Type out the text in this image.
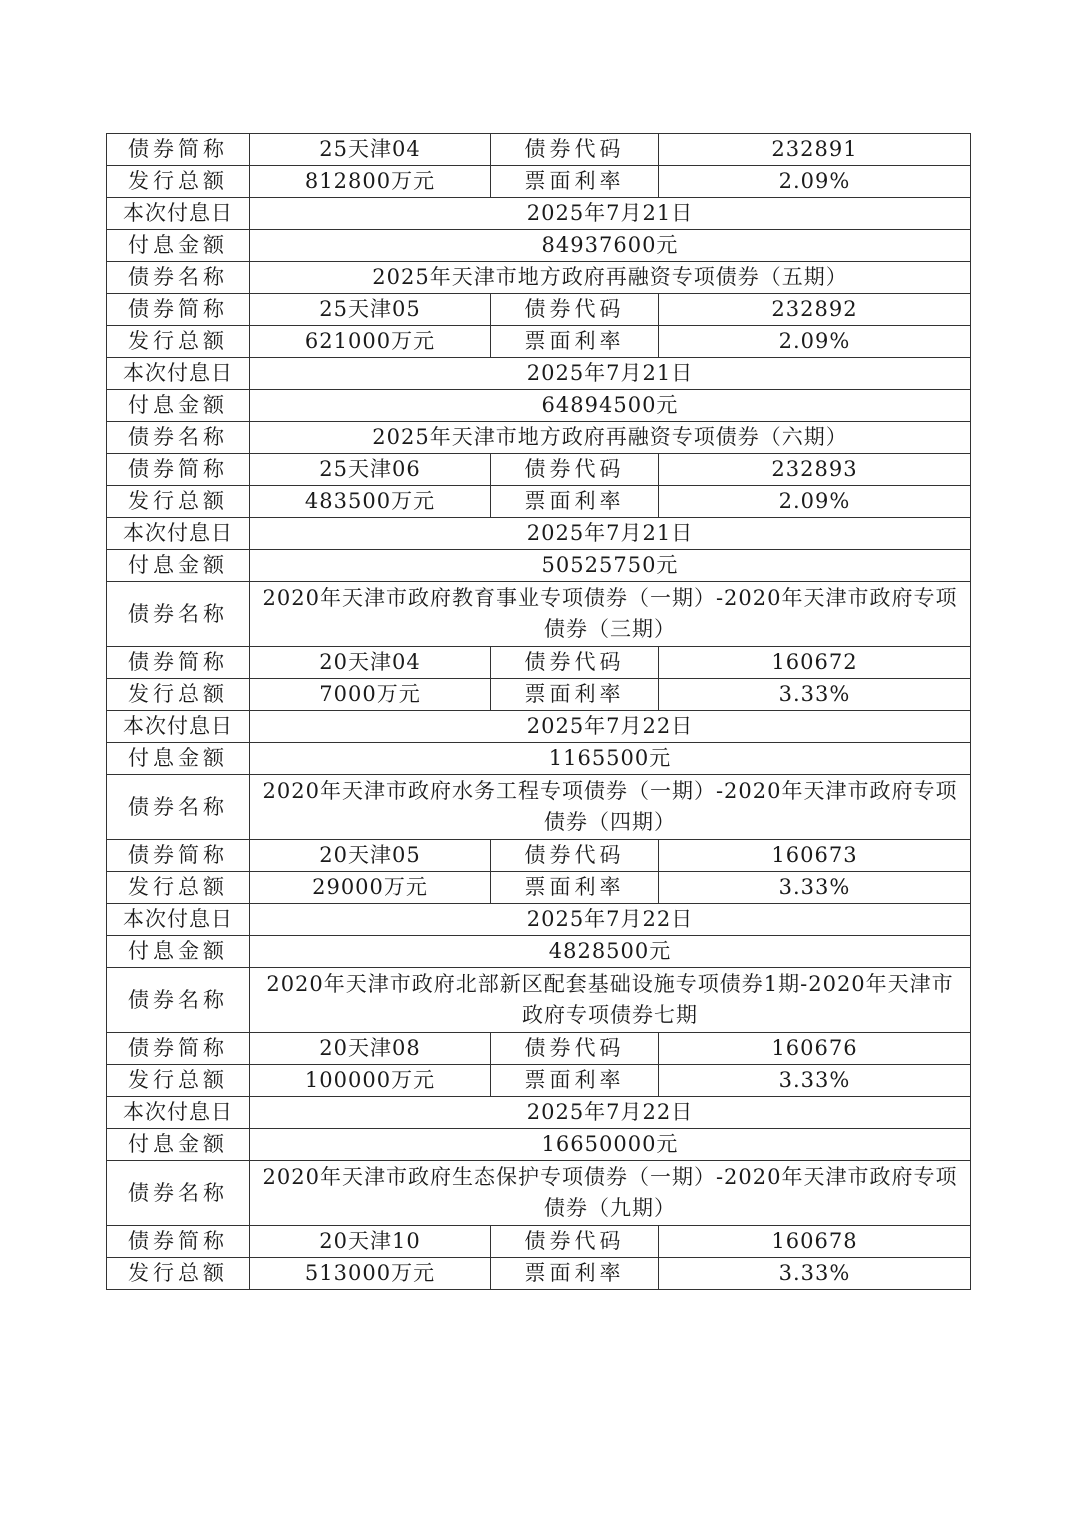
债券简称	25天津04	债券代码	232891
发行总额	812800万元	票面利率	2.09%
本次付息日	2025年7月21日		
付息金额	84937600元		
债券名称	2025年天津市地方政府再融资专项债券（五期）		
债券简称	25天津05	债券代码	232892
发行总额	621000万元	票面利率	2.09%
本次付息日	2025年7月21日		
付息金额	64894500元		
债券名称	2025年天津市地方政府再融资专项债券（六期）		
债券简称	25天津06	债券代码	232893
发行总额	483500万元	票面利率	2.09%
本次付息日	2025年7月21日		
付息金额	50525750元		
债券名称	2020年天津市政府教育事业专项债券（一期）-2020年天津市政府专项债券（三期）		
债券简称	20天津04	债券代码	160672
发行总额	7000万元	票面利率	3.33%
本次付息日	2025年7月22日		
付息金额	1165500元		
债券名称	2020年天津市政府水务工程专项债券（一期）-2020年天津市政府专项债券（四期）		
债券简称	20天津05	债券代码	160673
发行总额	29000万元	票面利率	3.33%
本次付息日	2025年7月22日		
付息金额	4828500元		
债券名称	2020年天津市政府北部新区配套基础设施专项债券1期-2020年天津市政府专项债券七期		
债券简称	20天津08	债券代码	160676
发行总额	100000万元	票面利率	3.33%
本次付息日	2025年7月22日		
付息金额	16650000元		
债券名称	2020年天津市政府生态保护专项债券（一期）-2020年天津市政府专项债券（九期）		
债券简称	20天津10	债券代码	160678
发行总额	513000万元	票面利率	3.33%
